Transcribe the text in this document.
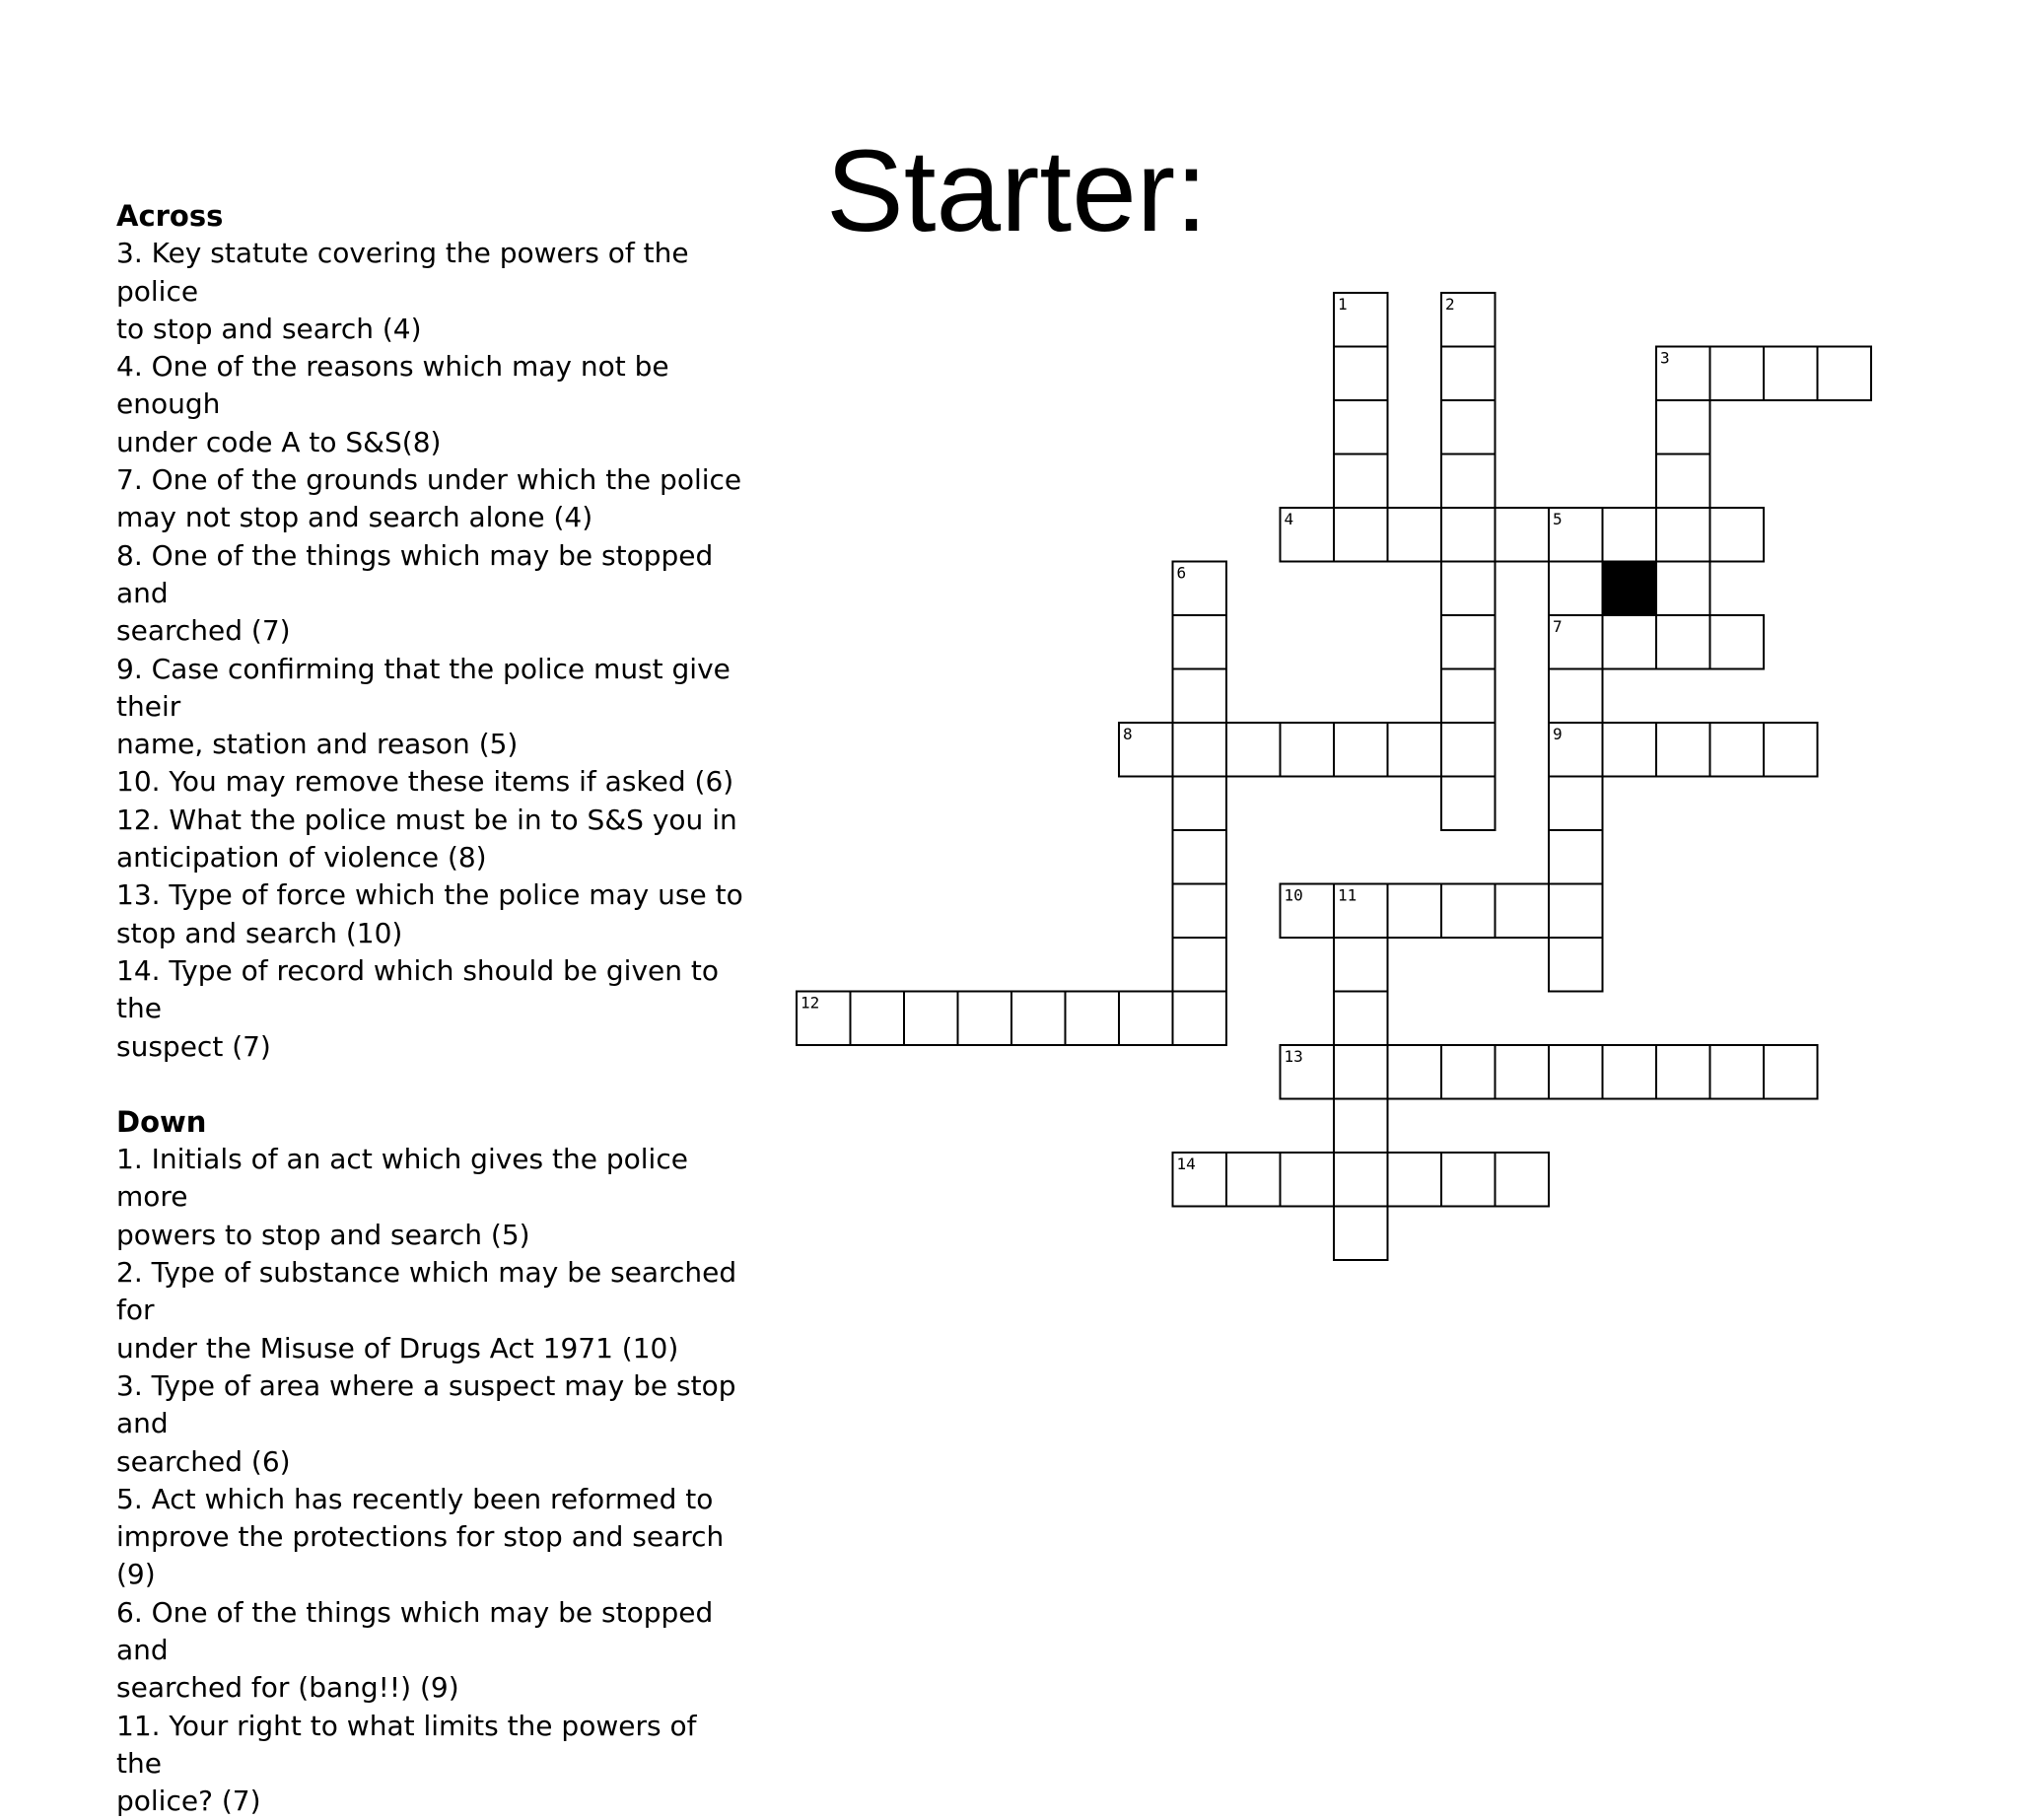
Starter:
Across
3. Key statute covering the powers of the police
to stop and search (4)
4. One of the reasons which may not be enough
under code A to S&S(8)
7. One of the grounds under which the police
may not stop and search alone (4)
8. One of the things which may be stopped and
searched (7)
9. Case confirming that the police must give their
name, station and reason (5)
10. You may remove these items if asked (6)
12. What the police must be in to S&S you in
anticipation of violence (8)
13. Type of force which the police may use to
stop and search (10)
14. Type of record which should be given to the
suspect (7)
Down
1. Initials of an act which gives the police more
powers to stop and search (5)
2. Type of substance which may be searched for
under the Misuse of Drugs Act 1971 (10)
3. Type of area where a suspect may be stop and
searched (6)
5. Act which has recently been reformed to
improve the protections for stop and search (9)
6. One of the things which may be stopped and
searched for (bang!!) (9)
11. Your right to what limits the powers of the
police? (7)
3
4
7
8	9
10
12
13
14
1	2
5
6
11
